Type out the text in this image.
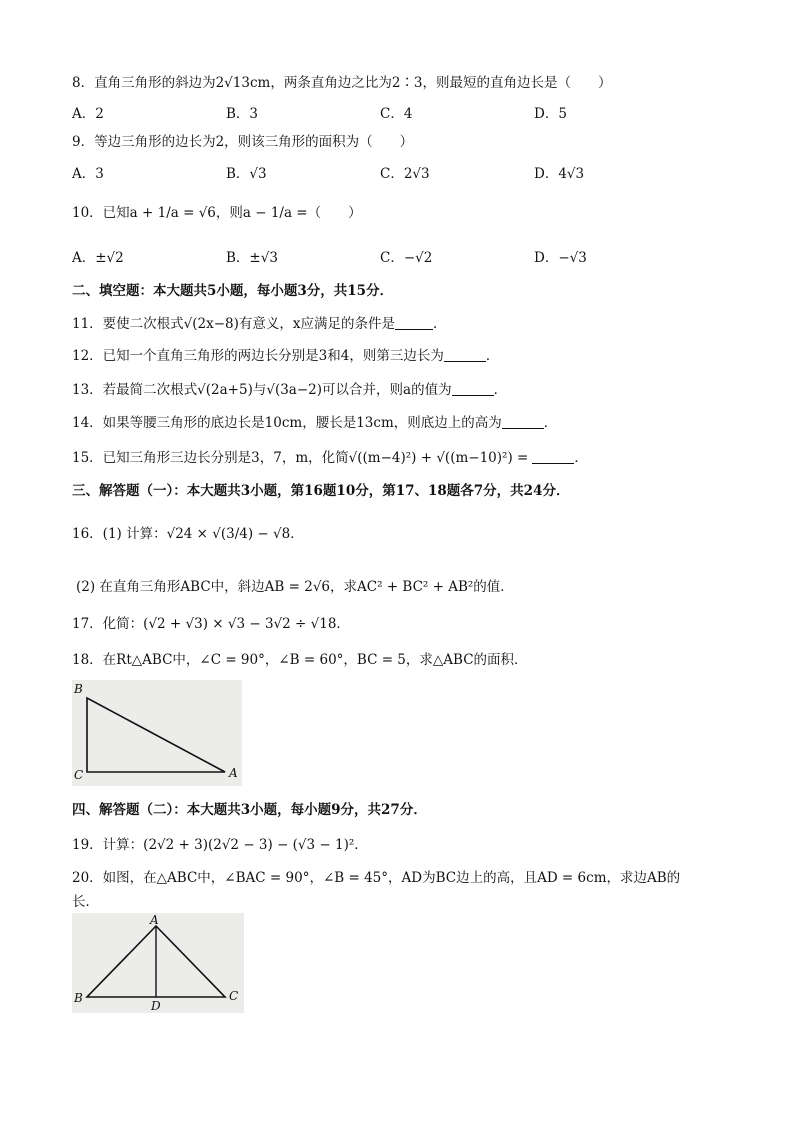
8．直角三角形的斜边为2√13cm，两条直角边之比为2∶3，则最短的直角边长是（　　）
A．2	B．3	C．4	D．5
9．等边三角形的边长为2，则该三角形的面积为（　　）
A．3	B．√3	C．2√3	D．4√3
10．已知a + 1/a = √6，则a − 1/a =（　　）
A．±√2	B．±√3	C．−√2	D．−√3
二、填空题：本大题共5小题，每小题3分，共15分．
11．要使二次根式√(2x−8)有意义，x应满足的条件是	．
12．已知一个直角三角形的两边长分别是3和4，则第三边长为	．
13．若最简二次根式√(2a+5)与√(3a−2)可以合并，则a的值为	．
14．如果等腰三角形的底边长是10cm，腰长是13cm，则底边上的高为	．
15．已知三角形三边长分别是3，7，m，化简√((m−4)²) + √((m−10)²) =	．
三、解答题（一）：本大题共3小题，第16题10分，第17、18题各7分，共24分．
16．(1) 计算：√24 × √(3/4) − √8．
(2) 在直角三角形ABC中，斜边AB = 2√6，求AC² + BC² + AB²的值．
17．化简：(√2 + √3) × √3 − 3√2 ÷ √18．
18．在Rt△ABC中，∠C = 90°，∠B = 60°，BC = 5，求△ABC的面积．
B
C	A
四、解答题（二）：本大题共3小题，每小题9分，共27分．
19．计算：(2√2 + 3)(2√2 − 3) − (√3 − 1)²．
20．如图，在△ABC中，∠BAC = 90°，∠B = 45°，AD为BC边上的高，且AD = 6cm，求边AB的
长．
A
B	C
D
